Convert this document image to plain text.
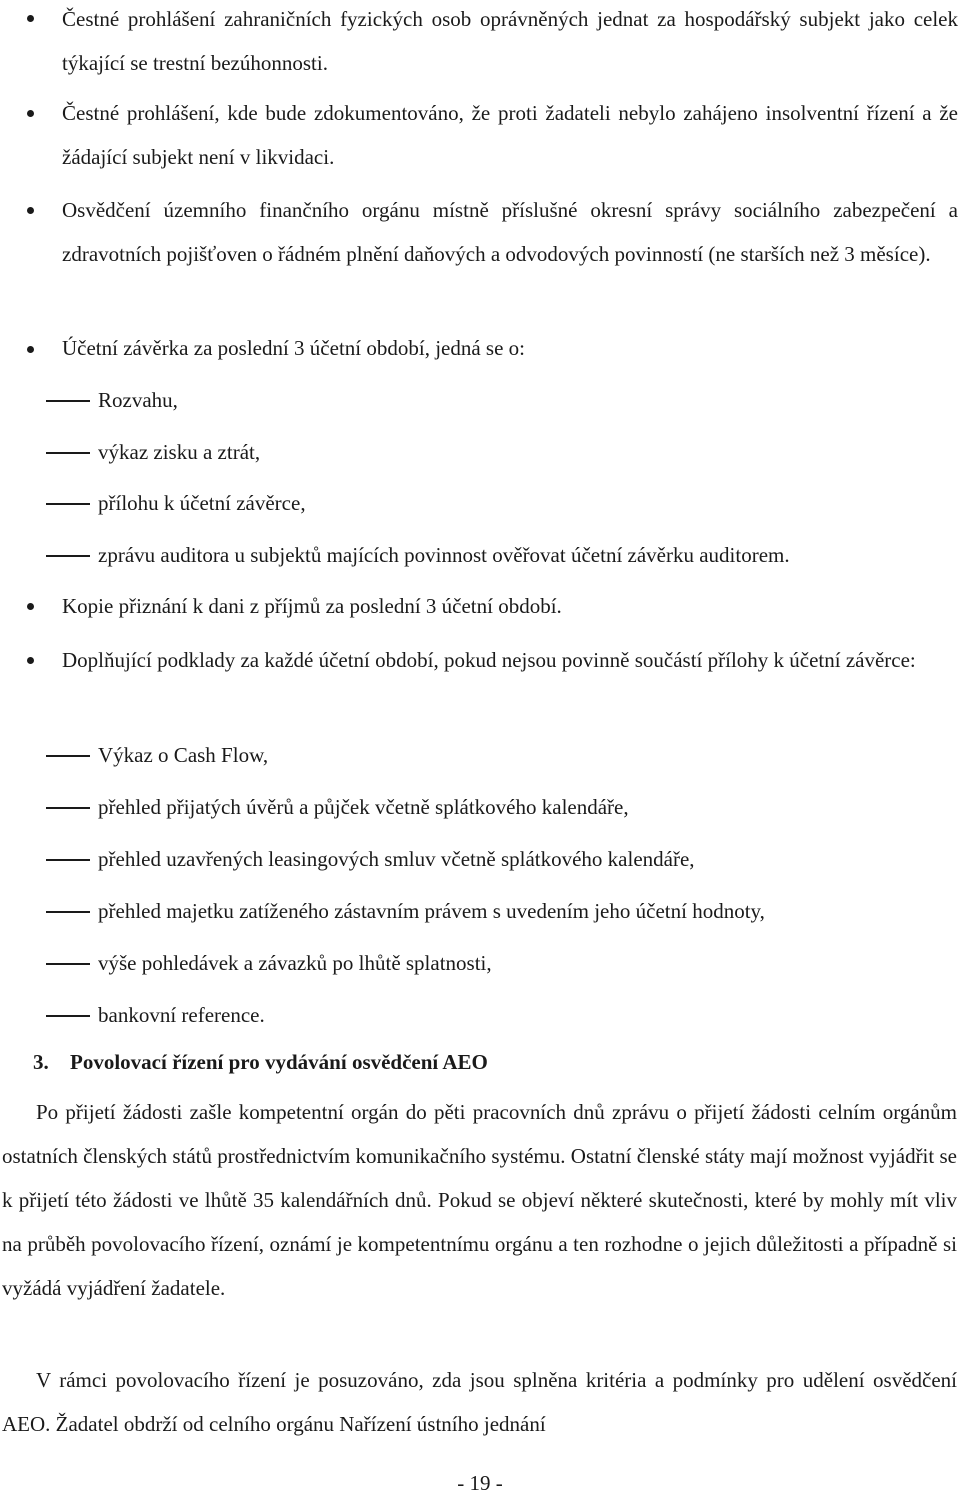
Čestné prohlášení zahraničních fyzických osob oprávněných jednat za hospodářský subjekt jako celek týkající se trestní bezúhonnosti.
Čestné prohlášení, kde bude zdokumentováno, že proti žadateli nebylo zahájeno insolventní řízení a že žádající subjekt není v likvidaci.
Osvědčení územního finančního orgánu místně příslušné okresní správy sociálního zabezpečení a zdravotních pojišťoven o řádném plnění daňových a odvodových povinností (ne starších než 3 měsíce).
Účetní závěrka za poslední 3 účetní období, jedná se o:
Rozvahu,
výkaz zisku a ztrát,
přílohu k účetní závěrce,
zprávu auditora u subjektů majících povinnost ověřovat účetní závěrku auditorem.
Kopie přiznání k dani z příjmů za poslední 3 účetní období.
Doplňující podklady za každé účetní období, pokud nejsou povinně součástí přílohy k účetní závěrce:
Výkaz o Cash Flow,
přehled přijatých úvěrů a půjček včetně splátkového kalendáře,
přehled uzavřených leasingových smluv včetně splátkového kalendáře,
přehled majetku zatíženého zástavním právem s uvedením jeho účetní hodnoty,
výše pohledávek a závazků po lhůtě splatnosti,
bankovní reference.
3. Povolovací řízení pro vydávání osvědčení AEO

Po přijetí žádosti zašle kompetentní orgán do pěti pracovních dnů zprávu o přijetí žádosti celním orgánům ostatních členských států prostřednictvím komunikačního systému. Ostatní členské státy mají možnost vyjádřit se k přijetí této žádosti ve lhůtě 35 kalendářních dnů. Pokud se objeví některé skutečnosti, které by mohly mít vliv na průběh povolovacího řízení, oznámí je kompetentnímu orgánu a ten rozhodne o jejich důležitosti a případně si vyžádá vyjádření žadatele.

V rámci povolovacího řízení je posuzováno, zda jsou splněna kritéria a podmínky pro udělení osvědčení AEO. Žadatel obdrží od celního orgánu Nařízení ústního jednání

- 19 -
